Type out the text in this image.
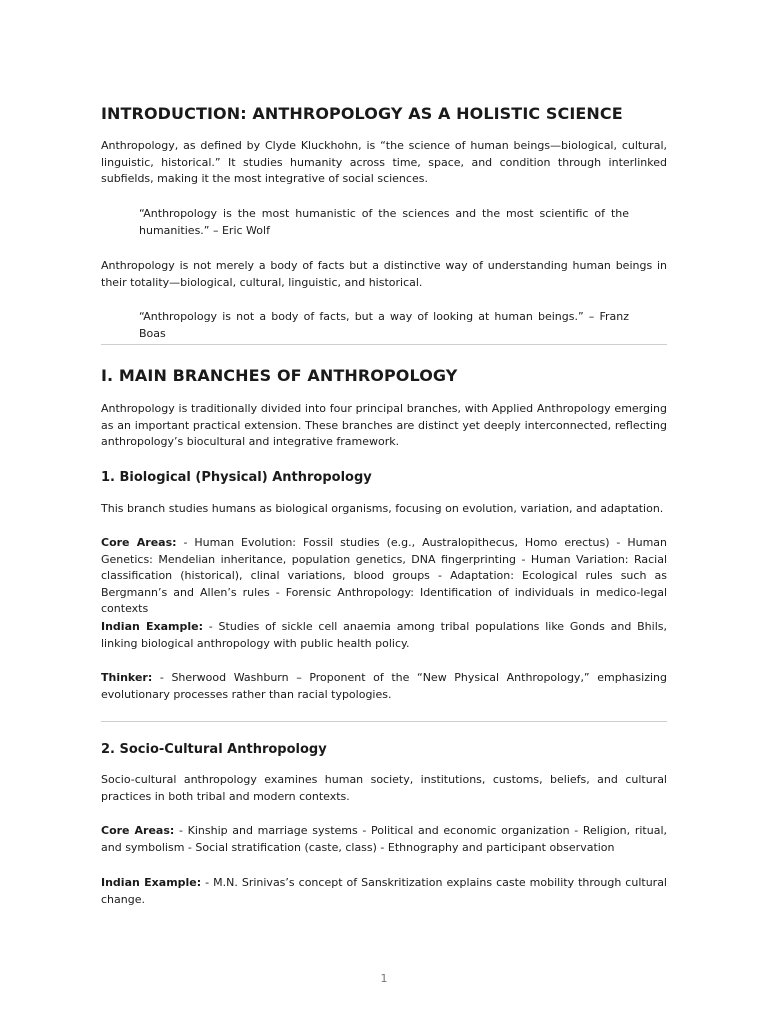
INTRODUCTION: ANTHROPOLOGY AS A HOLISTIC SCIENCE

Anthropology, as defined by Clyde Kluckhohn, is “the science of human beings—biological, cultural, linguistic, historical.” It studies humanity across time, space, and condition through interlinked subfields, making it the most integrative of social sciences.

“Anthropology is the most humanistic of the sciences and the most scientific of the humanities.” – Eric Wolf

Anthropology is not merely a body of facts but a distinctive way of understanding human beings in their totality—biological, cultural, linguistic, and historical.

“Anthropology is not a body of facts, but a way of looking at human beings.” – Franz Boas

I. MAIN BRANCHES OF ANTHROPOLOGY

Anthropology is traditionally divided into four principal branches, with Applied Anthropology emerging as an important practical extension. These branches are distinct yet deeply interconnected, reflecting anthropology’s biocultural and integrative framework.

1. Biological (Physical) Anthropology

This branch studies humans as biological organisms, focusing on evolution, variation, and adaptation.

Core Areas: - Human Evolution: Fossil studies (e.g., Australopithecus, Homo erectus) - Human Genetics: Mendelian inheritance, population genetics, DNA fingerprinting - Human Variation: Racial classification (historical), clinal variations, blood groups - Adaptation: Ecological rules such as Bergmann’s and Allen’s rules - Forensic Anthropology: Identification of individuals in medico-legal contexts

Indian Example: - Studies of sickle cell anaemia among tribal populations like Gonds and Bhils, linking biological anthropology with public health policy.

Thinker: - Sherwood Washburn – Proponent of the “New Physical Anthropology,” emphasizing evolutionary processes rather than racial typologies.

2. Socio-Cultural Anthropology

Socio-cultural anthropology examines human society, institutions, customs, beliefs, and cultural practices in both tribal and modern contexts.

Core Areas: - Kinship and marriage systems - Political and economic organization - Religion, ritual, and symbolism - Social stratification (caste, class) - Ethnography and participant observation

Indian Example: - M.N. Srinivas’s concept of Sanskritization explains caste mobility through cultural change.

1
